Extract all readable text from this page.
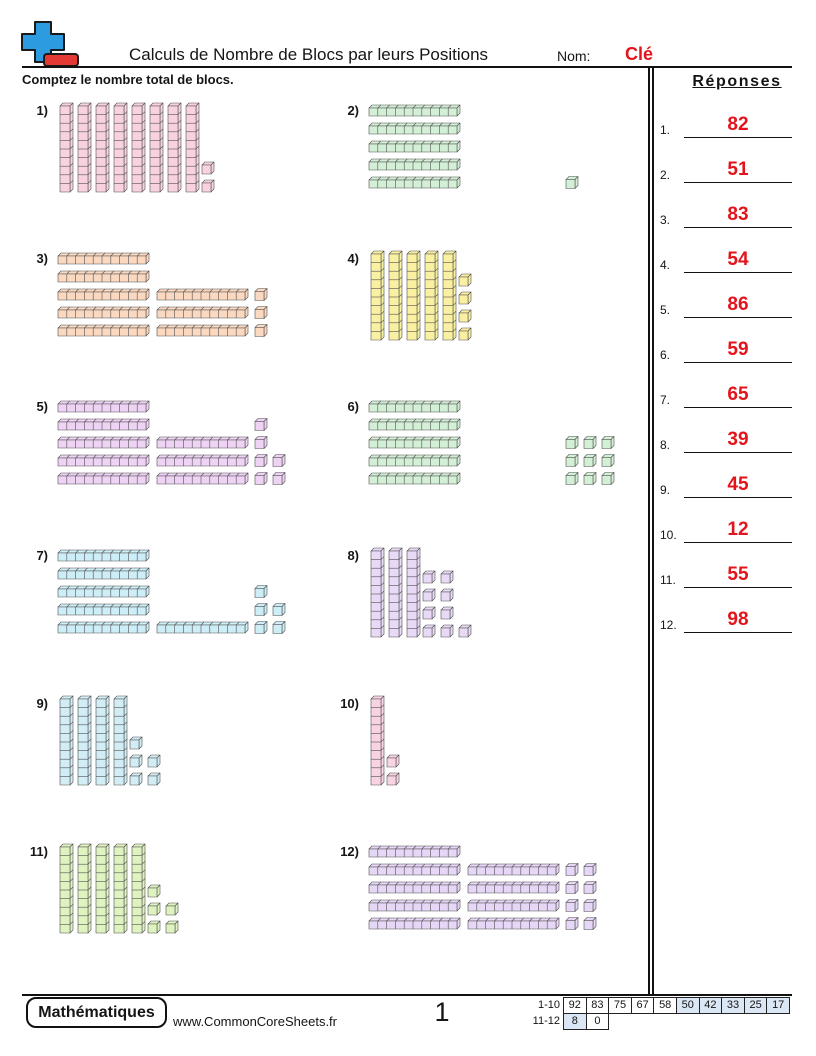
Calculs de Nombre de Blocs par leurs Positions	Nom: Clé
Comptez le nombre total de blocs.	Réponses
Mathématiques
www.CommonCoreSheets.fr	1
1)	2)
3)	4)
5)	6)
7)	8)
9)	10)
11)	12)
1.	82
2.	51
3.	83
4.	54
5.	86
6.	59
7.	65
8.	39
9.	45
10.	12
11.	55
12.	98
1-10 92 83 75 67 58 50 42 33 25 17
11-12	8	0
